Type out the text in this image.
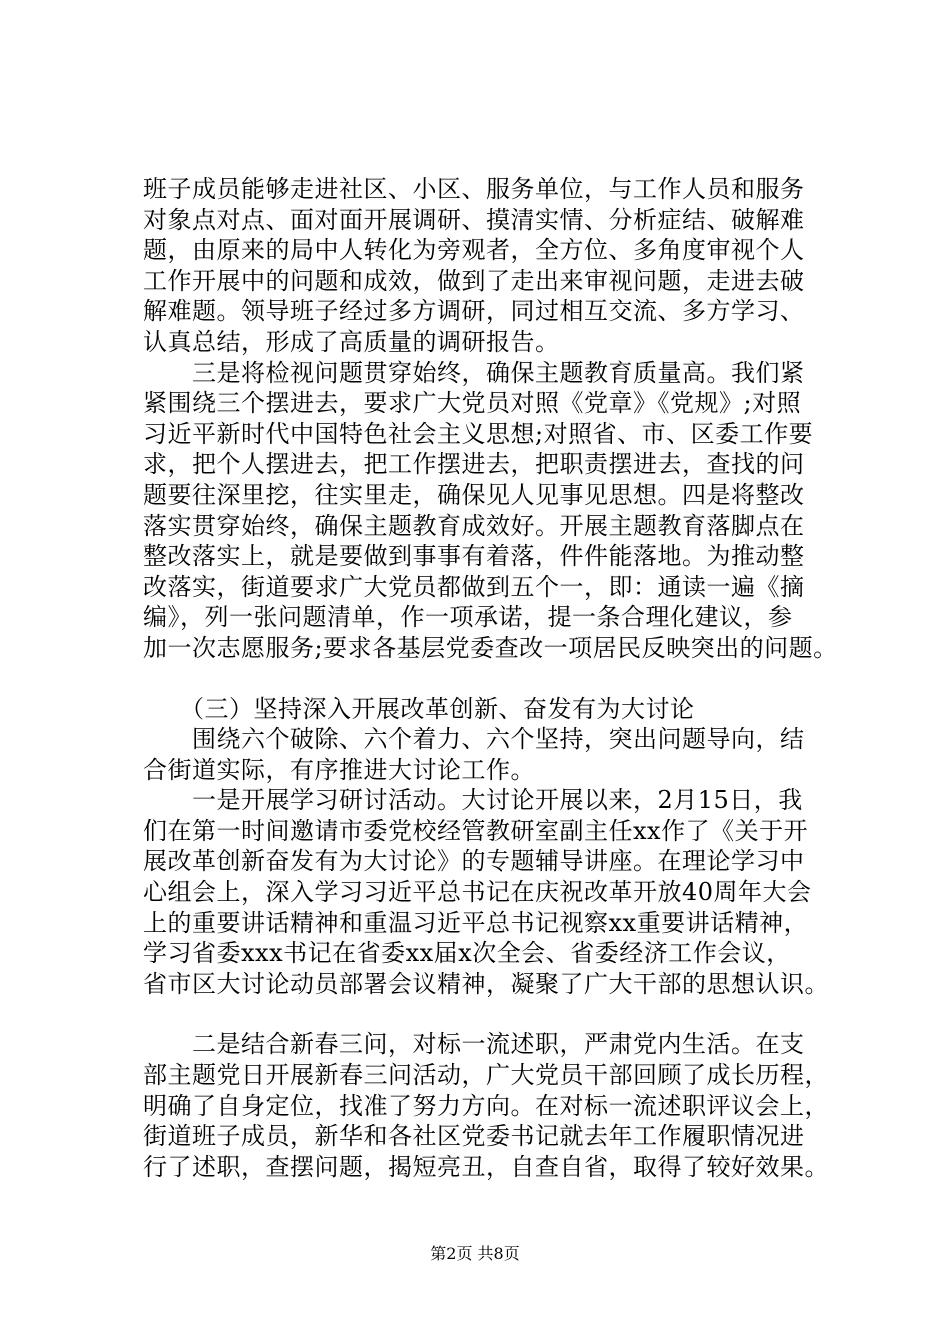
班子成员能够走进社区、小区、服务单位，与工作人员和服务
对象点对点、面对面开展调研、摸清实情、分析症结、破解难
题，由原来的局中人转化为旁观者，全方位、多角度审视个人
工作开展中的问题和成效，做到了走出来审视问题，走进去破
解难题。领导班子经过多方调研，同过相互交流、多方学习、
认真总结，形成了高质量的调研报告。
　　三是将检视问题贯穿始终，确保主题教育质量高。我们紧
紧围绕三个摆进去，要求广大党员对照《党章》《党规》;对照
习近平新时代中国特色社会主义思想;对照省、市、区委工作要
求，把个人摆进去，把工作摆进去，把职责摆进去，查找的问
题要往深里挖，往实里走，确保见人见事见思想。四是将整改
落实贯穿始终，确保主题教育成效好。开展主题教育落脚点在
整改落实上，就是要做到事事有着落，件件能落地。为推动整
改落实，街道要求广大党员都做到五个一，即：通读一遍《摘
编》，列一张问题清单，作一项承诺，提一条合理化建议，参
加一次志愿服务;要求各基层党委查改一项居民反映突出的问题。
　　（三）坚持深入开展改革创新、奋发有为大讨论
　　围绕六个破除、六个着力、六个坚持，突出问题导向，结
合街道实际，有序推进大讨论工作。
　　一是开展学习研讨活动。大讨论开展以来，2月15日，我
们在第一时间邀请市委党校经管教研室副主任xx作了《关于开
展改革创新奋发有为大讨论》的专题辅导讲座。在理论学习中
心组会上，深入学习习近平总书记在庆祝改革开放40周年大会
上的重要讲话精神和重温习近平总书记视察xx重要讲话精神，
学习省委xxx书记在省委xx届x次全会、省委经济工作会议，
省市区大讨论动员部署会议精神，凝聚了广大干部的思想认识。
　　二是结合新春三问，对标一流述职，严肃党内生活。在支
部主题党日开展新春三问活动，广大党员干部回顾了成长历程，
明确了自身定位，找准了努力方向。在对标一流述职评议会上，
街道班子成员，新华和各社区党委书记就去年工作履职情况进
行了述职，查摆问题，揭短亮丑，自查自省，取得了较好效果。
第2页 共8页
